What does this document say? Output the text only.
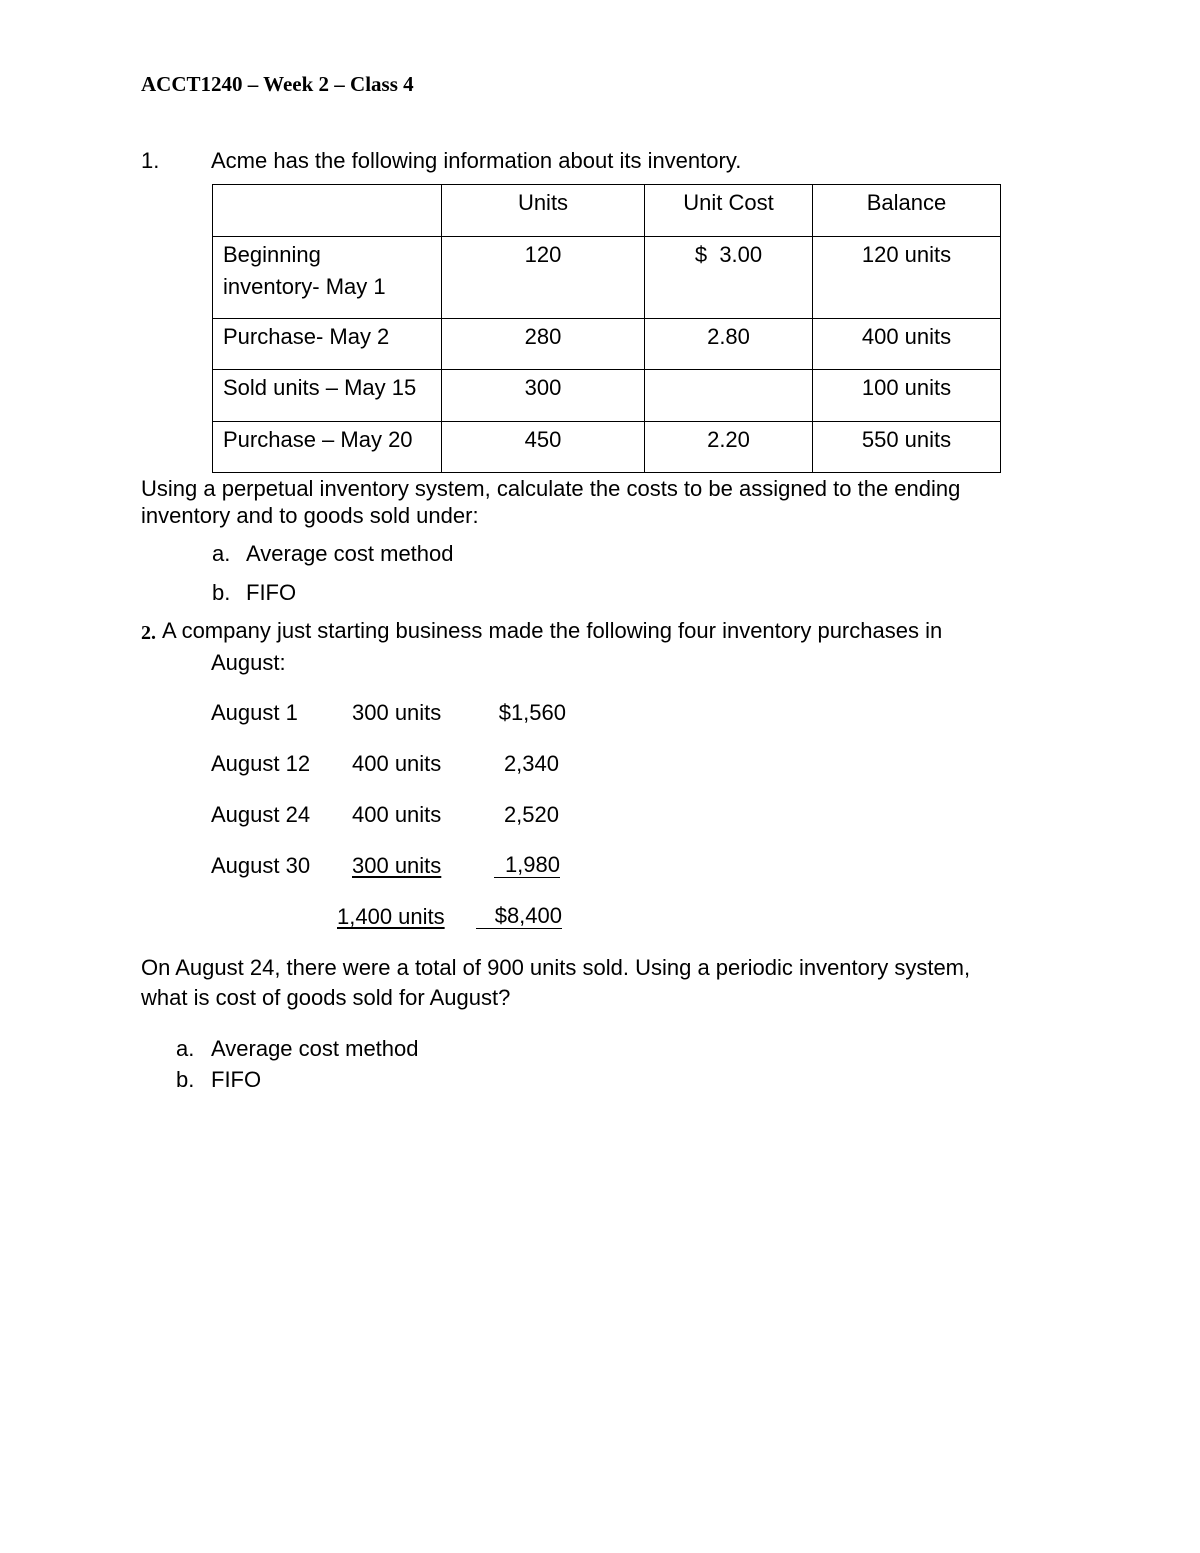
ACCT1240 – Week 2 – Class 4
1. Acme has the following information about its inventory.
	Units	Unit Cost	Balance
Beginning
inventory- May 1	120	$  3.00	120 units
Purchase- May 2	280	2.80	400 units
Sold units – May 15	300		100 units
Purchase – May 20	450	2.20	550 units
Using a perpetual inventory system, calculate the costs to be assigned to the ending
inventory and to goods sold under:
a. Average cost method
b. FIFO
2. A company just starting business made the following four inventory purchases in
August:
August 1 300 units	$1,560
August 12 400 units	2,340
August 24 400 units	2,520
August 30 300 units	1,980
1,400 units	$8,400
On August 24, there were a total of 900 units sold. Using a periodic inventory system,
what is cost of goods sold for August?
a. Average cost method
b. FIFO
